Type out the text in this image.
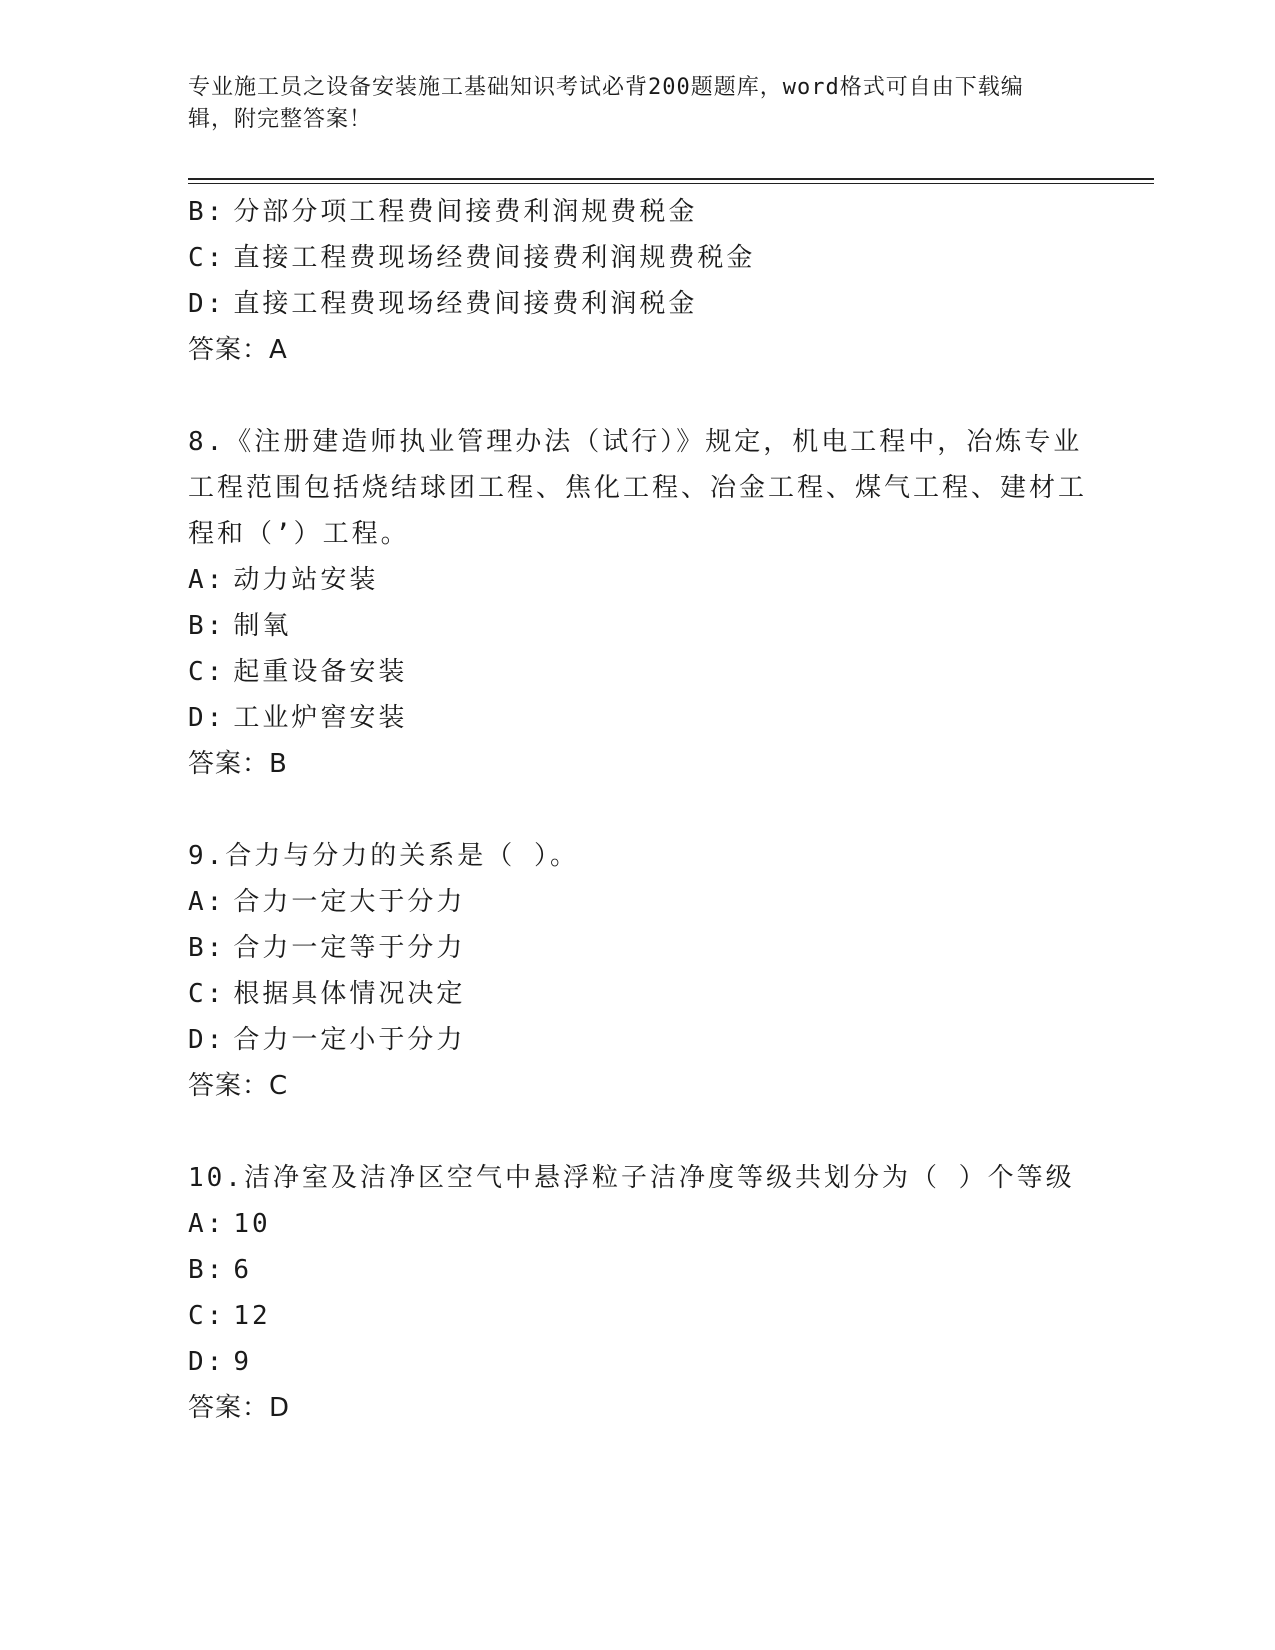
专业施工员之设备安装施工基础知识考试必背200题题库，word格式可自由下载编辑，附完整答案！
B: 分部分项工程费间接费利润规费税金
C: 直接工程费现场经费间接费利润规费税金
D: 直接工程费现场经费间接费利润税金
答案：A
8.《注册建造师执业管理办法（试行）》规定，机电工程中，冶炼专业工程范围包括烧结球团工程、焦化工程、冶金工程、煤气工程、建材工程和（’）工程。
A: 动力站安装
B: 制氧
C: 起重设备安装
D: 工业炉窖安装
答案：B
9.合力与分力的关系是（ ）。
A: 合力一定大于分力
B: 合力一定等于分力
C: 根据具体情况决定
D: 合力一定小于分力
答案：C
10.洁净室及洁净区空气中悬浮粒子洁净度等级共划分为（ ）个等级
A: 10
B: 6
C: 12
D: 9
答案：D
